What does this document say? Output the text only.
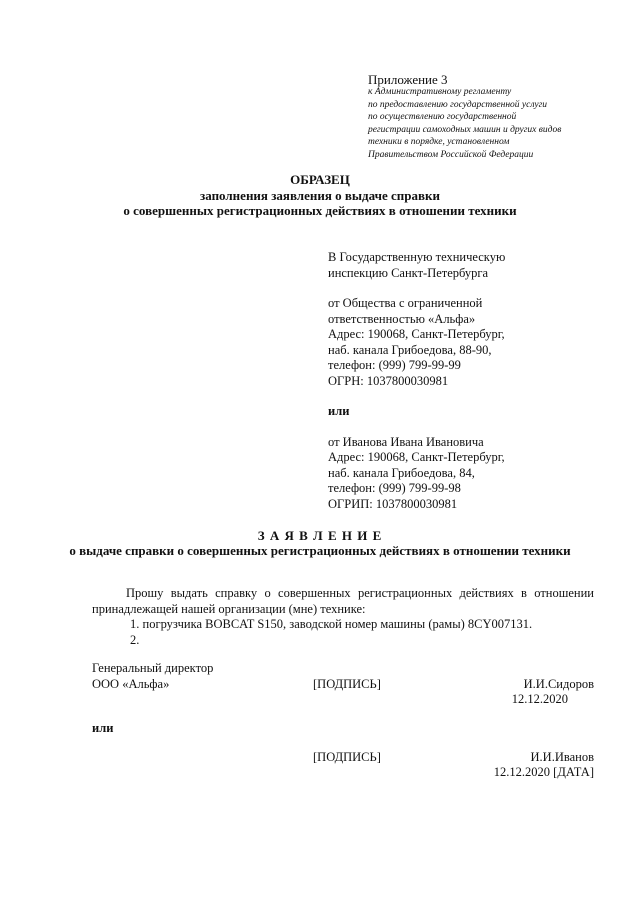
Приложение 3
к Административному регламенту
по предоставлению государственной услуги
по осуществлению государственной
регистрации самоходных машин и других видов
техники в порядке, установленном
Правительством Российской Федерации
ОБРАЗЕЦ
заполнения заявления о выдаче справки
о совершенных регистрационных действиях в отношении техники
В Государственную техническую
инспекцию Санкт-Петербурга
от Общества с ограниченной
ответственностью «Альфа»
Адрес: 190068, Санкт-Петербург,
наб. канала Грибоедова, 88-90,
телефон: (999) 799-99-99
ОГРН: 1037800030981
или
от Иванова Ивана Ивановича
Адрес: 190068, Санкт-Петербург,
наб. канала Грибоедова, 84,
телефон: (999) 799-99-98
ОГРИП: 1037800030981
З А Я В Л Е Н И Е
о выдаче справки о совершенных регистрационных действиях в отношении техники

Прошу выдать справку о совершенных регистрационных действиях в отношении принадлежащей нашей организации (мне) технике:

1. погрузчика BOBCAT S150, заводской номер машины (рамы) 8CY007131.
2.
Генеральный директор
ООО «Альфа»	[ПОДПИСЬ]	И.И.Сидоров
12.12.2020
или
[ПОДПИСЬ]	И.И.Иванов
12.12.2020 [ДАТА]
